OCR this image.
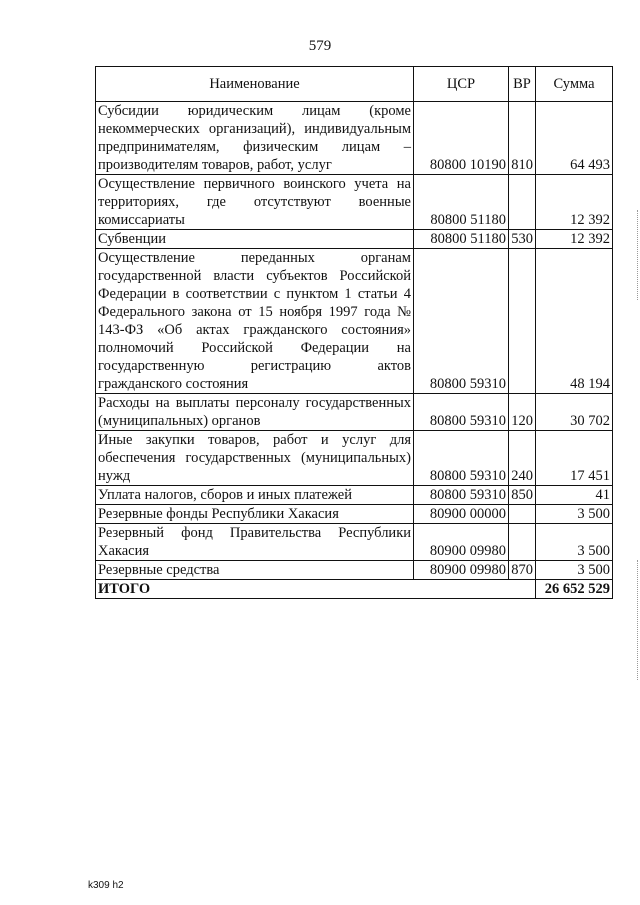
579
Наименование	ЦСР	ВР	Сумма
Субсидии юридическим лицам (кроме некоммерческих организаций), индивидуальным предпринимателям, физическим лицам – производителям товаров, работ, услуг	80800 10190	810	64 493
Осуществление первичного воинского учета на территориях, где отсутствуют военные комиссариаты	80800 51180		12 392
Субвенции	80800 51180	530	12 392
Осуществление переданных органам государственной власти субъектов Российской Федерации в соответствии с пунктом 1 статьи 4 Федерального закона от 15 ноября 1997 года № 143-ФЗ «Об актах гражданского состояния» полномочий Российской Федерации на государственную регистрацию актов гражданского состояния	80800 59310		48 194
Расходы на выплаты персоналу государственных (муниципальных) органов	80800 59310	120	30 702
Иные закупки товаров, работ и услуг для обеспечения государственных (муниципальных) нужд	80800 59310	240	17 451
Уплата налогов, сборов и иных платежей	80800 59310	850	41
Резервные фонды Республики Хакасия	80900 00000		3 500
Резервный фонд Правительства Республики Хакасия	80900 09980		3 500
Резервные средства	80900 09980	870	3 500
ИТОГО			26 652 529
k309 h2
